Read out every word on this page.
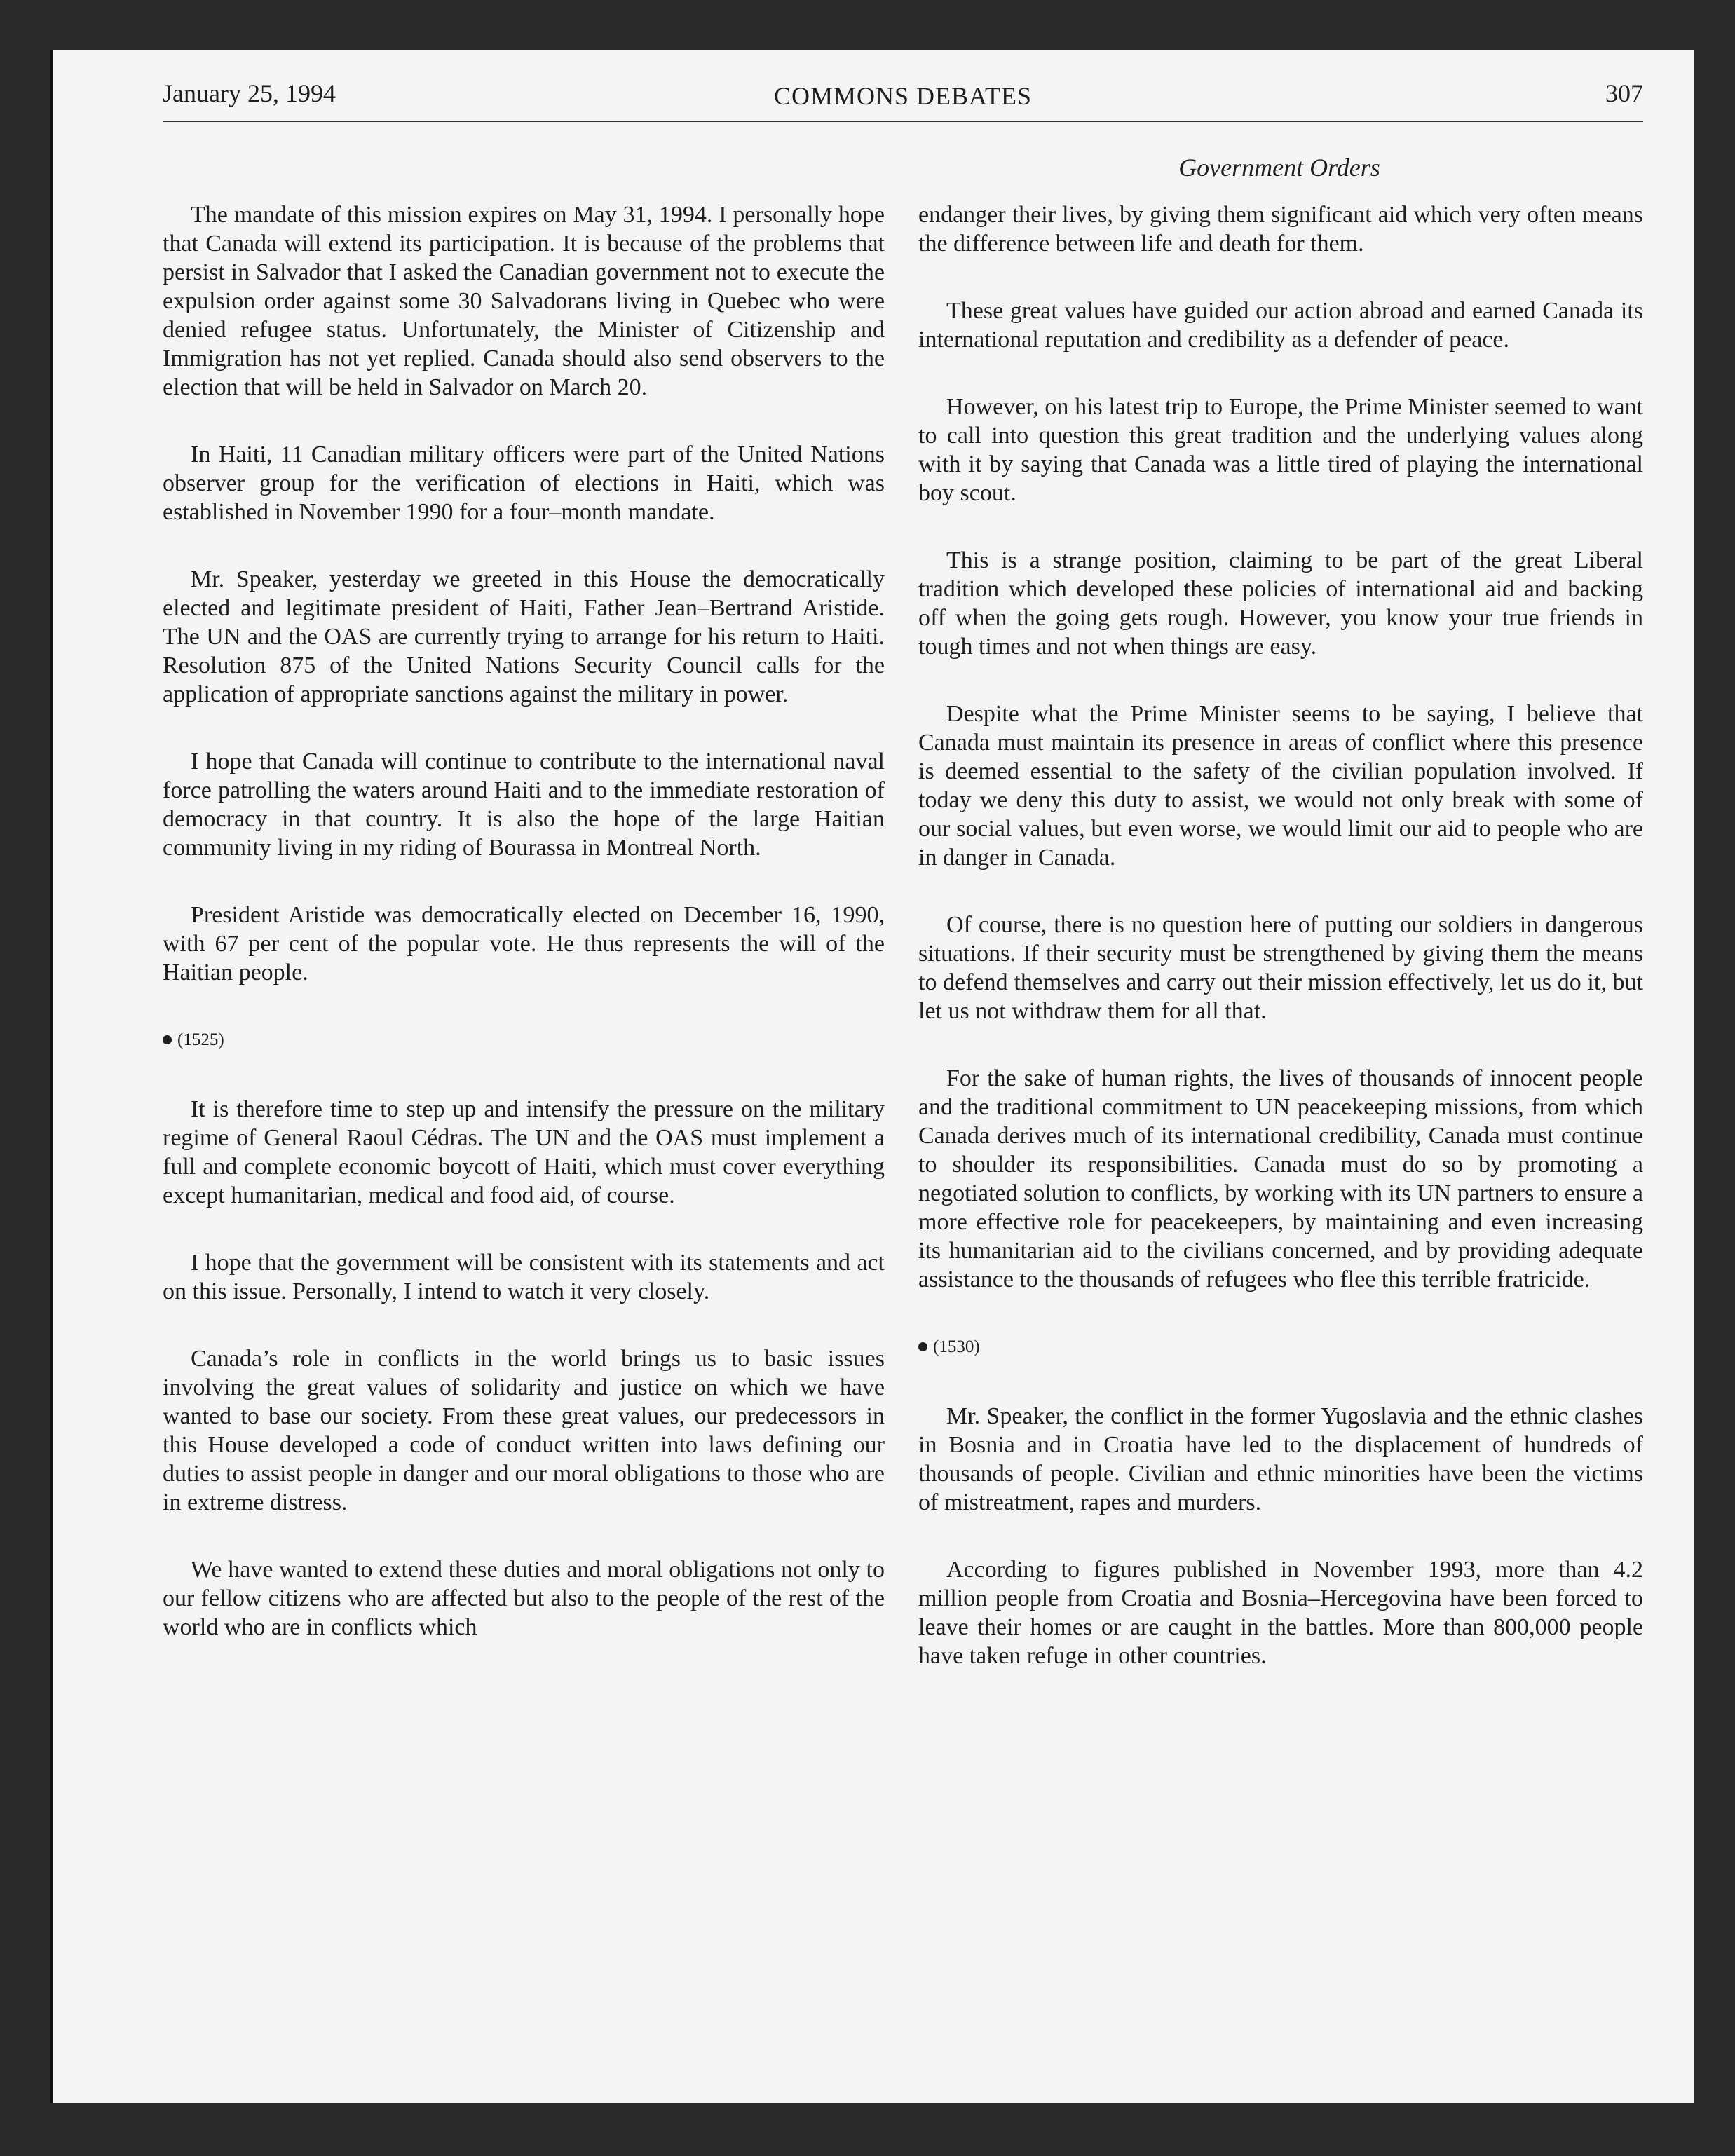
January 25, 1994	COMMONS DEBATES	307
Government Orders

The mandate of this mission expires on May 31, 1994. I personally hope that Canada will extend its participation. It is because of the problems that persist in Salvador that I asked the Canadian government not to execute the expulsion order against some 30 Salvadorans living in Quebec who were denied refugee status. Unfortunately, the Minister of Citizenship and Immigration has not yet replied. Canada should also send observers to the election that will be held in Salvador on March 20.

In Haiti, 11 Canadian military officers were part of the United Nations observer group for the verification of elections in Haiti, which was established in November 1990 for a four–month mandate.

Mr. Speaker, yesterday we greeted in this House the democratically elected and legitimate president of Haiti, Father Jean–Bertrand Aristide. The UN and the OAS are currently trying to arrange for his return to Haiti. Resolution 875 of the United Nations Security Council calls for the application of appropriate sanctions against the military in power.

I hope that Canada will continue to contribute to the international naval force patrolling the waters around Haiti and to the immediate restoration of democracy in that country. It is also the hope of the large Haitian community living in my riding of Bourassa in Montreal North.

President Aristide was democratically elected on December 16, 1990, with 67 per cent of the popular vote. He thus represents the will of the Haitian people.

(1525)

It is therefore time to step up and intensify the pressure on the military regime of General Raoul Cédras. The UN and the OAS must implement a full and complete economic boycott of Haiti, which must cover everything except humanitarian, medical and food aid, of course.

I hope that the government will be consistent with its statements and act on this issue. Personally, I intend to watch it very closely.

Canada’s role in conflicts in the world brings us to basic issues involving the great values of solidarity and justice on which we have wanted to base our society. From these great values, our predecessors in this House developed a code of conduct written into laws defining our duties to assist people in danger and our moral obligations to those who are in extreme distress.

We have wanted to extend these duties and moral obligations not only to our fellow citizens who are affected but also to the people of the rest of the world who are in conflicts which

endanger their lives, by giving them significant aid which very often means the difference between life and death for them.

These great values have guided our action abroad and earned Canada its international reputation and credibility as a defender of peace.

However, on his latest trip to Europe, the Prime Minister seemed to want to call into question this great tradition and the underlying values along with it by saying that Canada was a little tired of playing the international boy scout.

This is a strange position, claiming to be part of the great Liberal tradition which developed these policies of international aid and backing off when the going gets rough. However, you know your true friends in tough times and not when things are easy.

Despite what the Prime Minister seems to be saying, I believe that Canada must maintain its presence in areas of conflict where this presence is deemed essential to the safety of the civilian population involved. If today we deny this duty to assist, we would not only break with some of our social values, but even worse, we would limit our aid to people who are in danger in Canada.

Of course, there is no question here of putting our soldiers in dangerous situations. If their security must be strengthened by giving them the means to defend themselves and carry out their mission effectively, let us do it, but let us not withdraw them for all that.

For the sake of human rights, the lives of thousands of innocent people and the traditional commitment to UN peacekeeping missions, from which Canada derives much of its international credibility, Canada must continue to shoulder its responsibilities. Canada must do so by promoting a negotiated solution to conflicts, by working with its UN partners to ensure a more effective role for peacekeepers, by maintaining and even increasing its humanitarian aid to the civilians concerned, and by providing adequate assistance to the thousands of refugees who flee this terrible fratricide.

(1530)

Mr. Speaker, the conflict in the former Yugoslavia and the ethnic clashes in Bosnia and in Croatia have led to the displacement of hundreds of thousands of people. Civilian and ethnic minorities have been the victims of mistreatment, rapes and murders.

According to figures published in November 1993, more than 4.2 million people from Croatia and Bosnia–Hercegovina have been forced to leave their homes or are caught in the battles. More than 800,000 people have taken refuge in other countries.
